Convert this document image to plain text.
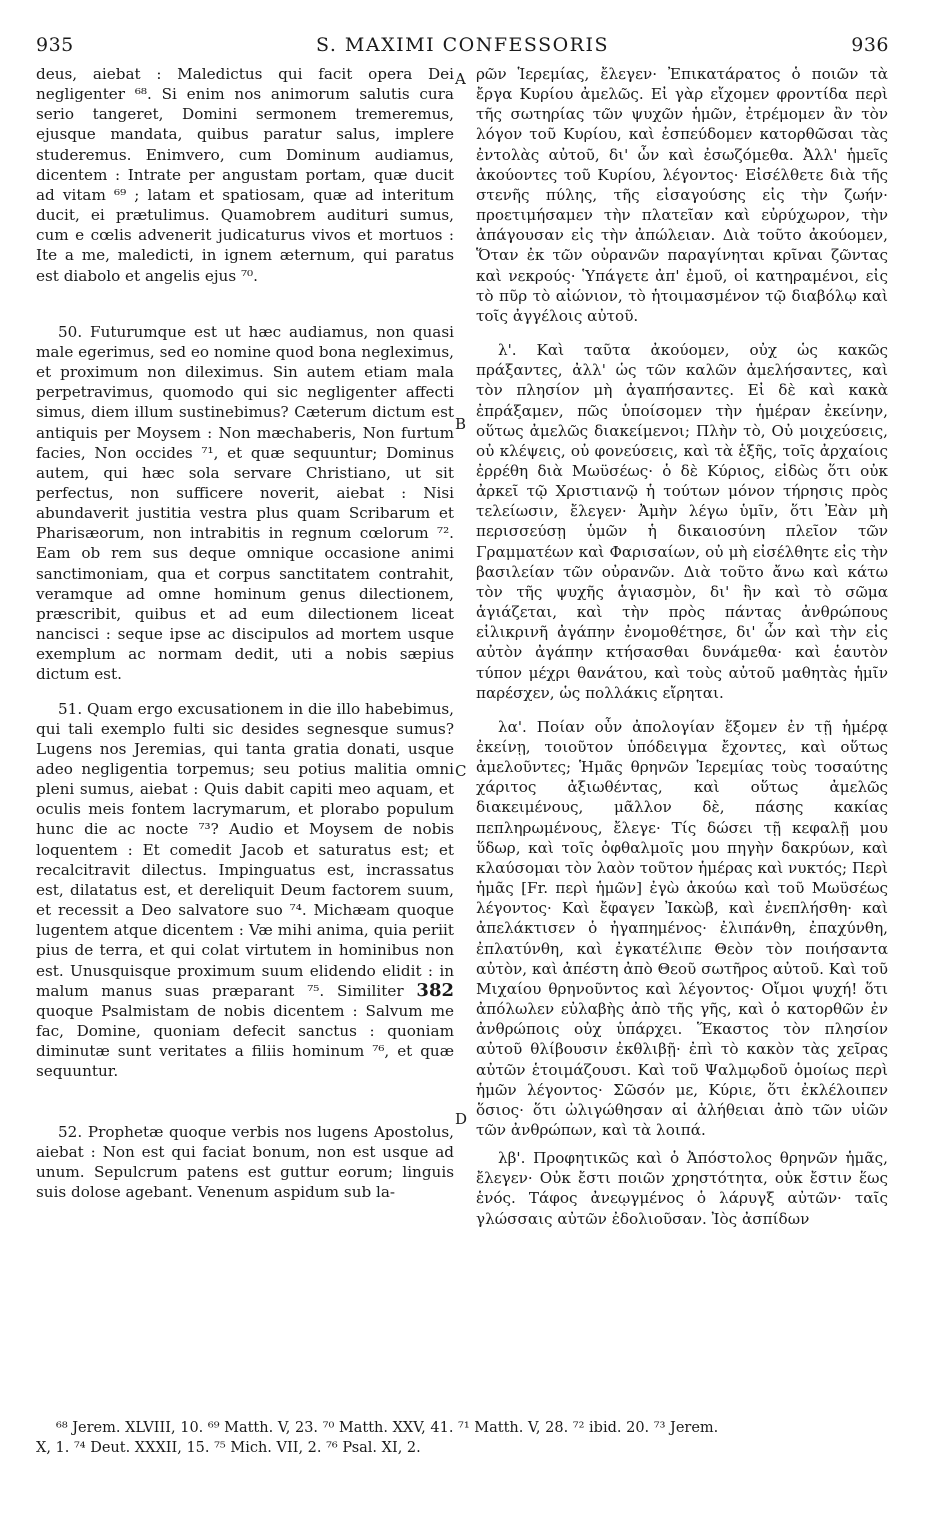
935	S. MAXIMI CONFESSORIS	936
A
B
C
D

deus, aiebat : Maledictus qui facit opera Dei negligenter ⁶⁸. Si enim nos animorum salutis cura serio tangeret, Domini sermonem tremeremus, ejusque mandata, quibus paratur salus, implere studeremus. Enimvero, cum Dominum audiamus, dicentem : Intrate per angustam portam, quæ ducit ad vitam ⁶⁹ ; latam et spatiosam, quæ ad interitum ducit, ei prætulimus. Quamobrem audituri sumus, cum e cœlis advenerit judicaturus vivos et mortuos : Ite a me, maledicti, in ignem æternum, qui paratus est diabolo et angelis ejus ⁷⁰.

50. Futurumque est ut hæc audiamus, non quasi male egerimus, sed eo nomine quod bona negleximus, et proximum non dileximus. Sin autem etiam mala perpetravimus, quomodo qui sic negligenter affecti simus, diem illum sustinebimus? Cæterum dictum est antiquis per Moysem : Non mæchaberis, Non furtum facies, Non occides ⁷¹, et quæ sequuntur; Dominus autem, qui hæc sola servare Christiano, ut sit perfectus, non sufficere noverit, aiebat : Nisi abundaverit justitia vestra plus quam Scribarum et Pharisæorum, non intrabitis in regnum cœlorum ⁷². Eam ob rem sus deque omnique occasione animi sanctimoniam, qua et corpus sanctitatem contrahit, veramque ad omne hominum genus dilectionem, præscribit, quibus et ad eum dilectionem liceat nancisci : seque ipse ac discipulos ad mortem usque exemplum ac normam dedit, uti a nobis sæpius dictum est.

51. Quam ergo excusationem in die illo habebimus, qui tali exemplo fulti sic desides segnesque sumus? Lugens nos Jeremias, qui tanta gratia donati, usque adeo negligentia torpemus; seu potius malitia omni pleni sumus, aiebat : Quis dabit capiti meo aquam, et oculis meis fontem lacrymarum, et plorabo populum hunc die ac nocte ⁷³? Audio et Moysem de nobis loquentem : Et comedit Jacob et saturatus est; et recalcitravit dilectus. Impinguatus est, incrassatus est, dilatatus est, et dereliquit Deum factorem suum, et recessit a Deo salvatore suo ⁷⁴. Michæam quoque lugentem atque dicentem : Væ mihi anima, quia periit pius de terra, et qui colat virtutem in hominibus non est. Unusquisque proximum suum elidendo elidit : in malum manus suas præparant ⁷⁵. Similiter 382 quoque Psalmistam de nobis dicentem : Salvum me fac, Domine, quoniam defecit sanctus : quoniam diminutæ sunt veritates a filiis hominum ⁷⁶, et quæ sequuntur.

52. Prophetæ quoque verbis nos lugens Apostolus, aiebat : Non est qui faciat bonum, non est usque ad unum. Sepulcrum patens est guttur eorum; linguis suis dolose agebant. Venenum aspidum sub la-

ρῶν Ἱερεμίας, ἔλεγεν· Ἐπικατάρατος ὁ ποιῶν τὰ ἔργα Κυρίου ἀμελῶς. Εἰ γὰρ εἴχομεν φροντίδα περὶ τῆς σωτηρίας τῶν ψυχῶν ἡμῶν, ἐτρέμομεν ἂν τὸν λόγον τοῦ Κυρίου, καὶ ἐσπεύδομεν κατορθῶσαι τὰς ἐντολὰς αὐτοῦ, δι' ὧν καὶ ἐσωζόμεθα. Ἀλλ' ἡμεῖς ἀκούοντες τοῦ Κυρίου, λέγοντος· Εἰσέλθετε διὰ τῆς στενῆς πύλης, τῆς εἰσαγούσης εἰς τὴν ζωήν· προετιμήσαμεν τὴν πλατεῖαν καὶ εὐρύχωρον, τὴν ἀπάγουσαν εἰς τὴν ἀπώλειαν. Διὰ τοῦτο ἀκούομεν, Ὅταν ἐκ τῶν οὐρανῶν παραγίνηται κρῖναι ζῶντας καὶ νεκρούς· Ὑπάγετε ἀπ' ἐμοῦ, οἱ κατηραμένοι, εἰς τὸ πῦρ τὸ αἰώνιον, τὸ ἡτοιμασμένον τῷ διαβόλῳ καὶ τοῖς ἀγγέλοις αὐτοῦ.

λ'. Καὶ ταῦτα ἀκούομεν, οὐχ ὡς κακῶς πράξαντες, ἀλλ' ὡς τῶν καλῶν ἀμελήσαντες, καὶ τὸν πλησίον μὴ ἀγαπήσαντες. Εἰ δὲ καὶ κακὰ ἐπράξαμεν, πῶς ὑποίσομεν τὴν ἡμέραν ἐκείνην, οὕτως ἀμελῶς διακείμενοι; Πλὴν τὸ, Οὐ μοιχεύσεις, οὐ κλέψεις, οὐ φονεύσεις, καὶ τὰ ἑξῆς, τοῖς ἀρχαίοις ἐρρέθη διὰ Μωϋσέως· ὁ δὲ Κύριος, εἰδὼς ὅτι οὐκ ἀρκεῖ τῷ Χριστιανῷ ἡ τούτων μόνον τήρησις πρὸς τελείωσιν, ἔλεγεν· Ἀμὴν λέγω ὑμῖν, ὅτι Ἐὰν μὴ περισσεύσῃ ὑμῶν ἡ δικαιοσύνη πλεῖον τῶν Γραμματέων καὶ Φαρισαίων, οὐ μὴ εἰσέλθητε εἰς τὴν βασιλείαν τῶν οὐρανῶν. Διὰ τοῦτο ἄνω καὶ κάτω τὸν τῆς ψυχῆς ἁγιασμὸν, δι' ἣν καὶ τὸ σῶμα ἁγιάζεται, καὶ τὴν πρὸς πάντας ἀνθρώπους εἰλικρινῆ ἀγάπην ἐνομοθέτησε, δι' ὧν καὶ τὴν εἰς αὐτὸν ἀγάπην κτήσασθαι δυνάμεθα· καὶ ἑαυτὸν τύπον μέχρι θανάτου, καὶ τοὺς αὐτοῦ μαθητὰς ἡμῖν παρέσχεν, ὡς πολλάκις εἴρηται.

λα'. Ποίαν οὖν ἀπολογίαν ἕξομεν ἐν τῇ ἡμέρᾳ ἐκείνῃ, τοιοῦτον ὑπόδειγμα ἔχοντες, καὶ οὕτως ἀμελοῦντες; Ἡμᾶς θρηνῶν Ἱερεμίας τοὺς τοσαύτης χάριτος ἀξιωθέντας, καὶ οὕτως ἀμελῶς διακειμένους, μᾶλλον δὲ, πάσης κακίας πεπληρωμένους, ἔλεγε· Τίς δώσει τῇ κεφαλῇ μου ὕδωρ, καὶ τοῖς ὀφθαλμοῖς μου πηγὴν δακρύων, καὶ κλαύσομαι τὸν λαὸν τοῦτον ἡμέρας καὶ νυκτός; Περὶ ἡμᾶς [Fr. περὶ ἡμῶν] ἐγὼ ἀκούω καὶ τοῦ Μωϋσέως λέγοντος· Καὶ ἔφαγεν Ἰακὼβ, καὶ ἐνεπλήσθη· καὶ ἀπελάκτισεν ὁ ἠγαπημένος· ἐλιπάνθη, ἐπαχύνθη, ἐπλατύνθη, καὶ ἐγκατέλιπε Θεὸν τὸν ποιήσαντα αὐτὸν, καὶ ἀπέστη ἀπὸ Θεοῦ σωτῆρος αὐτοῦ. Καὶ τοῦ Μιχαίου θρηνοῦντος καὶ λέγοντος· Οἴμοι ψυχή! ὅτι ἀπόλωλεν εὐλαβὴς ἀπὸ τῆς γῆς, καὶ ὁ κατορθῶν ἐν ἀνθρώποις οὐχ ὑπάρχει. Ἕκαστος τὸν πλησίον αὐτοῦ θλίβουσιν ἐκθλιβῇ· ἐπὶ τὸ κακὸν τὰς χεῖρας αὐτῶν ἑτοιμάζουσι. Καὶ τοῦ Ψαλμῳδοῦ ὁμοίως περὶ ἡμῶν λέγοντος· Σῶσόν με, Κύριε, ὅτι ἐκλέλοιπεν ὅσιος· ὅτι ὠλιγώθησαν αἱ ἀλήθειαι ἀπὸ τῶν υἱῶν τῶν ἀνθρώπων, καὶ τὰ λοιπά.

λβ'. Προφητικῶς καὶ ὁ Ἀπόστολος θρηνῶν ἡμᾶς, ἔλεγεν· Οὐκ ἔστι ποιῶν χρηστότητα, οὐκ ἔστιν ἕως ἑνός. Τάφος ἀνεῳγμένος ὁ λάρυγξ αὐτῶν· ταῖς γλώσσαις αὐτῶν ἐδολιοῦσαν. Ἰὸς ἀσπίδων

⁶⁸ Jerem. XLVIII, 10. ⁶⁹ Matth. V, 23. ⁷⁰ Matth. XXV, 41. ⁷¹ Matth. V, 28. ⁷² ibid. 20. ⁷³ Jerem.

X, 1. ⁷⁴ Deut. XXXII, 15. ⁷⁵ Mich. VII, 2. ⁷⁶ Psal. XI, 2.
